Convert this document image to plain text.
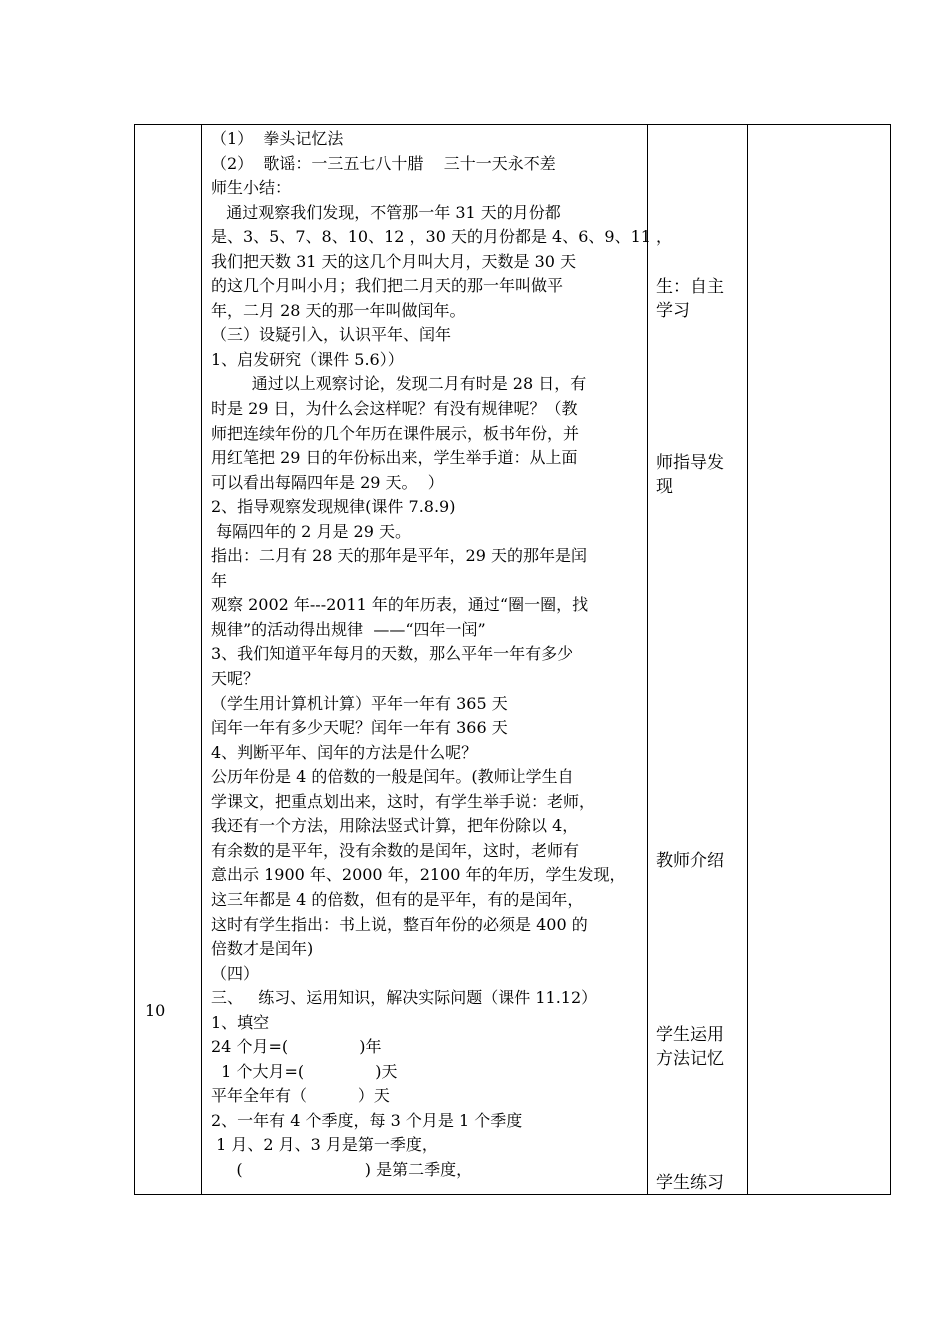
10
（1）  拳头记忆法
（2）  歌谣：一三五七八十腊    三十一天永不差
师生小结：
通过观察我们发现，不管那一年 31 天的月份都
是、3、5、7、8、10、12 ，30 天的月份都是 4、6、9、11 ，
我们把天数 31 天的这几个月叫大月，天数是 30 天
的这几个月叫小月；我们把二月天的那一年叫做平
年，二月 28 天的那一年叫做闰年。
（三）设疑引入，认识平年、闰年
1、启发研究（课件 5.6））
通过以上观察讨论，发现二月有时是 28 日，有
时是 29 日，为什么会这样呢？有没有规律呢？（教
师把连续年份的几个年历在课件展示，板书年份，并
用红笔把 29 日的年份标出来，学生举手道：从上面
可以看出每隔四年是 29 天。  ）
2、指导观察发现规律(课件 7.8.9)
每隔四年的 2 月是 29 天。
指出：二月有 28 天的那年是平年，29 天的那年是闰
年
观察 2002 年---2011 年的年历表，通过“圈一圈，找
规律”的活动得出规律  ——“四年一闰”
3、我们知道平年每月的天数，那么平年一年有多少
天呢？
（学生用计算机计算）平年一年有 365 天
闰年一年有多少天呢？闰年一年有 366 天
4、判断平年、闰年的方法是什么呢？
公历年份是 4 的倍数的一般是闰年。(教师让学生自
学课文，把重点划出来，这时，有学生举手说：老师，
我还有一个方法，用除法竖式计算，把年份除以 4，
有余数的是平年，没有余数的是闰年，这时，老师有
意出示 1900 年、2000 年，2100 年的年历，学生发现，
这三年都是 4 的倍数，但有的是平年，有的是闰年，
这时有学生指出：书上说，整百年份的必须是 400 的
倍数才是闰年)
（四）
三、   练习、运用知识，解决实际问题（课件 11.12）
1、填空
24 个月=(              )年
1 个大月=(              )天
平年全年有（          ）天
2、一年有 4 个季度，每 3 个月是 1 个季度
1 月、2 月、3 月是第一季度，
(                        ) 是第二季度，
生：自主
学习
师指导发
现
教师介绍
学生运用
方法记忆
学生练习
